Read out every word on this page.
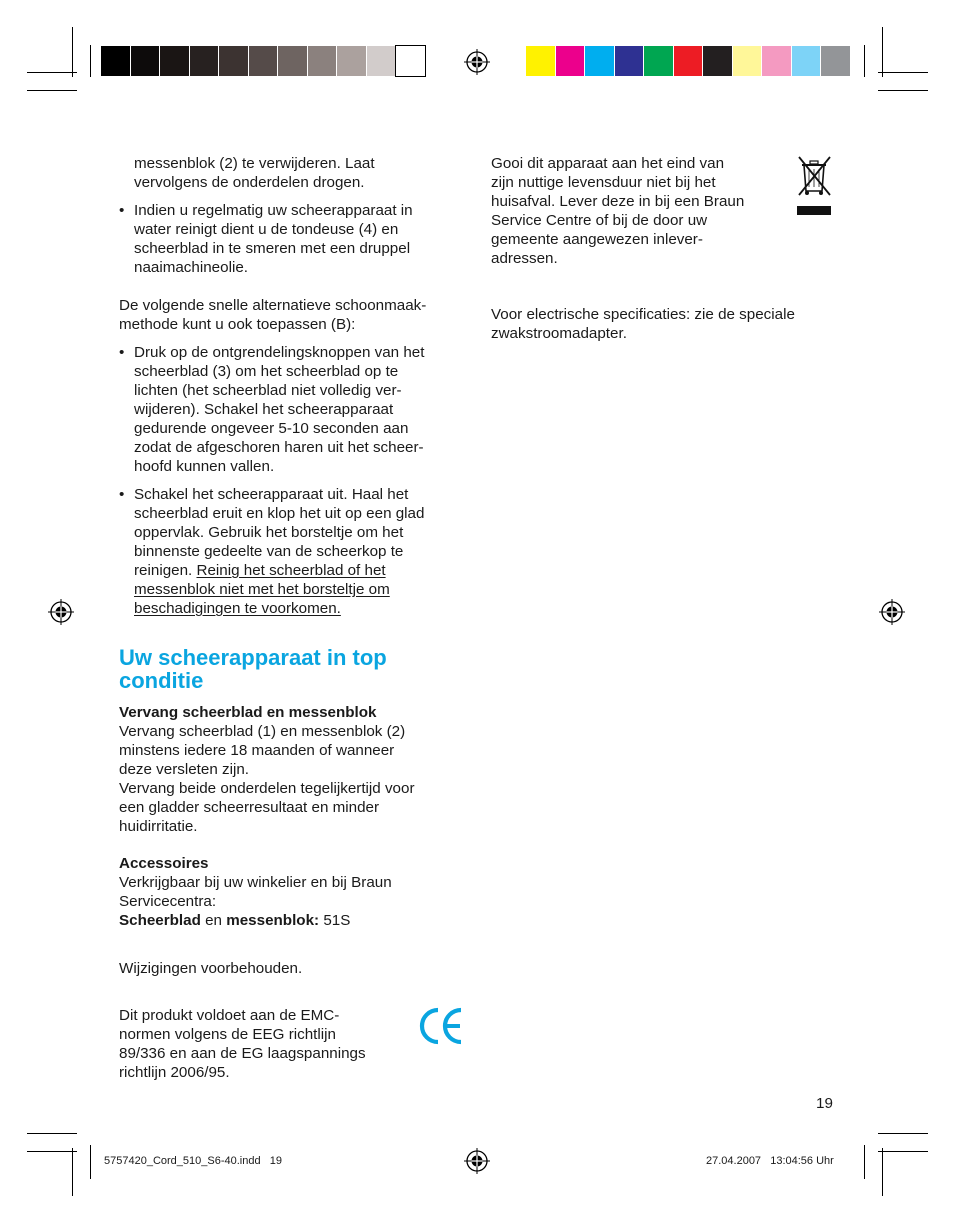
messenblok (2) te verwijderen. Laat

vervolgens de onderdelen drogen.

• Indien u regelmatig uw scheerapparaat in

water reinigt dient u de tondeuse (4) en

scheerblad in te smeren met een druppel

naaimachineolie.

De volgende snelle alternatieve schoonmaak-

methode kunt u ook toepassen (B):

• Druk op de ontgrendelingsknoppen van het

scheerblad (3) om het scheerblad op te

lichten (het scheerblad niet volledig ver-

wijderen). Schakel het scheerapparaat

gedurende ongeveer 5-10 seconden aan

zodat de afgeschoren haren uit het scheer-

hoofd kunnen vallen.

• Schakel het scheerapparaat uit. Haal het

scheerblad eruit en klop het uit op een glad

oppervlak. Gebruik het borsteltje om het

binnenste gedeelte van de scheerkop te

reinigen. Reinig het scheerblad of het

messenblok niet met het borsteltje om

beschadigingen te voorkomen.

Uw scheerapparaat in top

conditie

Vervang scheerblad en messenblok

Vervang scheerblad (1) en messenblok (2)

minstens iedere 18 maanden of wanneer

deze versleten zijn.

Vervang beide onderdelen tegelijkertijd voor

een gladder scheerresultaat en minder

huidirritatie.

Accessoires

Verkrijgbaar bij uw winkelier en bij Braun

Servicecentra:

Scheerblad en messenblok: 51S

Wijzigingen voorbehouden.

Dit produkt voldoet aan de EMC-

normen volgens de EEG richtlijn

89/336 en aan de EG laagspannings

richtlijn 2006/95.

Gooi dit apparaat aan het eind van

zijn nuttige levensduur niet bij het

huisafval. Lever deze in bij een Braun

Service Centre of bij de door uw

gemeente aangewezen inlever-

adressen.

Voor electrische specificaties: zie de speciale

zwakstroomadapter.

19
5757420_Cord_510_S6-40.indd   19	27.04.2007   13:04:56 Uhr
